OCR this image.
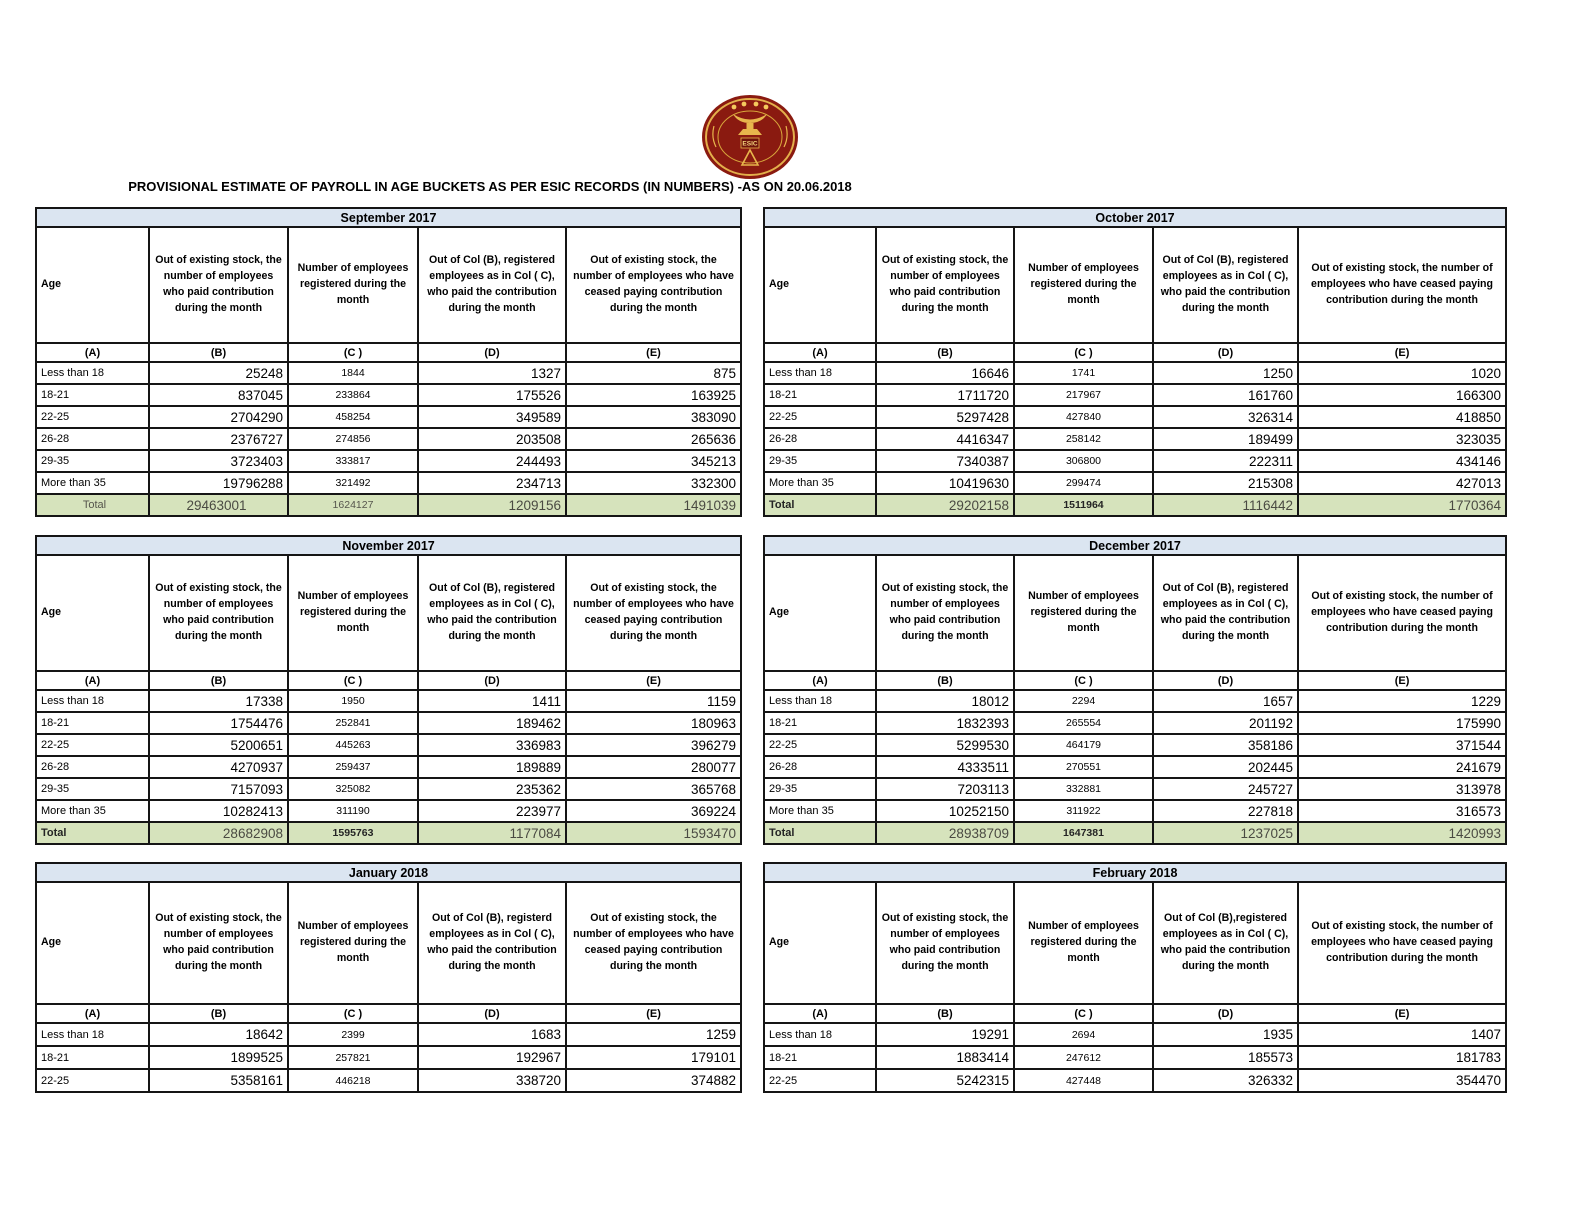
ESIC
PROVISIONAL ESTIMATE OF PAYROLL IN AGE BUCKETS AS PER ESIC RECORDS (IN NUMBERS) -AS ON 20.06.2018
September 2017				
Age	Out of existing stock, the number of employees who paid contribution during the month	Number of employees registered during the month	Out of Col (B), registered employees as in Col ( C), who paid the contribution during the month	Out of existing stock, the number of employees who have ceased paying contribution during the month
(A)	(B)	(C )	(D)	(E)
Less than 18	25248	1844	1327	875
18-21	837045	233864	175526	163925
22-25	2704290	458254	349589	383090
26-28	2376727	274856	203508	265636
29-35	3723403	333817	244493	345213
More than 35	19796288	321492	234713	332300
Total	29463001	1624127	1209156	1491039
October 2017				
Age	Out of existing stock, the number of employees who paid contribution during the month	Number of employees registered during the month	Out of Col (B), registered employees as in Col ( C), who paid the contribution during the month	Out of existing stock, the number of employees who have ceased paying contribution during the month
(A)	(B)	(C )	(D)	(E)
Less than 18	16646	1741	1250	1020
18-21	1711720	217967	161760	166300
22-25	5297428	427840	326314	418850
26-28	4416347	258142	189499	323035
29-35	7340387	306800	222311	434146
More than 35	10419630	299474	215308	427013
Total	29202158	1511964	1116442	1770364
November 2017				
Age	Out of existing stock, the number of employees who paid contribution during the month	Number of employees registered during the month	Out of Col (B), registered employees as in Col ( C), who paid the contribution during the month	Out of existing stock, the number of employees who have ceased paying contribution during the month
(A)	(B)	(C )	(D)	(E)
Less than 18	17338	1950	1411	1159
18-21	1754476	252841	189462	180963
22-25	5200651	445263	336983	396279
26-28	4270937	259437	189889	280077
29-35	7157093	325082	235362	365768
More than 35	10282413	311190	223977	369224
Total	28682908	1595763	1177084	1593470
December 2017				
Age	Out of existing stock, the number of employees who paid contribution during the month	Number of employees registered during the month	Out of Col (B), registered employees as in Col ( C), who paid the contribution during the month	Out of existing stock, the number of employees who have ceased paying contribution during the month
(A)	(B)	(C )	(D)	(E)
Less than 18	18012	2294	1657	1229
18-21	1832393	265554	201192	175990
22-25	5299530	464179	358186	371544
26-28	4333511	270551	202445	241679
29-35	7203113	332881	245727	313978
More than 35	10252150	311922	227818	316573
Total	28938709	1647381	1237025	1420993
January 2018				
Age	Out of existing stock, the number of employees who paid contribution during the month	Number of employees registered during the month	Out of Col (B), registerd employees as in Col ( C), who paid the contribution during the month	Out of existing stock, the number of employees who have ceased paying contribution during the month
(A)	(B)	(C )	(D)	(E)
Less than 18	18642	2399	1683	1259
18-21	1899525	257821	192967	179101
22-25	5358161	446218	338720	374882
February 2018				
Age	Out of existing stock, the number of employees who paid contribution during the month	Number of employees registered during the month	Out of Col (B),registered employees as in Col ( C), who paid the contribution during the month	Out of existing stock, the number of employees who have ceased paying contribution during the month
(A)	(B)	(C )	(D)	(E)
Less than 18	19291	2694	1935	1407
18-21	1883414	247612	185573	181783
22-25	5242315	427448	326332	354470
